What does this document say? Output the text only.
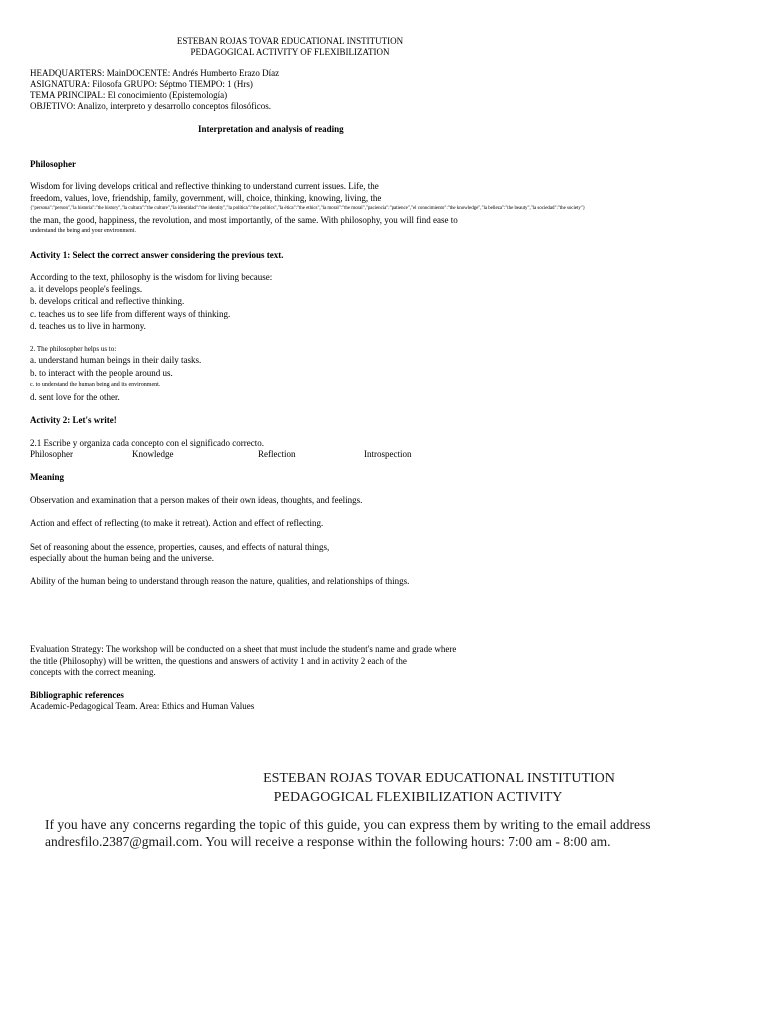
ESTEBAN ROJAS TOVAR EDUCATIONAL INSTITUTION
PEDAGOGICAL ACTIVITY OF FLEXIBILIZATION
HEADQUARTERS: MainDOCENTE: Andrés Humberto Erazo Díaz
ASIGNATURA: Filosofa GRUPO: Séptmo TIEMPO: 1 (Hrs)
TEMA PRINCIPAL: El conocimiento (Epistemología)
OBJETIVO: Analizo, interpreto y desarrollo conceptos filosóficos.
Interpretation and analysis of reading
Philosopher
Wisdom for living develops critical and reflective thinking to understand current issues. Life, the
freedom, values, love, friendship, family, government, will, choice, thinking, knowing, living, the
{"persona":"person","la historia":"the history","la cultura":"the culture","la identidad":"the identity","la política":"the politics","la ética":"the ethics","la moral":"the moral","paciencia":"patience","el conocimiento":"the knowledge","la belleza":"the beauty","la sociedad":"the society"}
the man, the good, happiness, the revolution, and most importantly, of the same. With philosophy, you will find ease to
understand the being and your environment.
Activity 1: Select the correct answer considering the previous text.
According to the text, philosophy is the wisdom for living because:
a. it develops people's feelings.
b. develops critical and reflective thinking.
c. teaches us to see life from different ways of thinking.
d. teaches us to live in harmony.
2. The philosopher helps us to:
a. understand human beings in their daily tasks.
b. to interact with the people around us.
c. to understand the human being and its environment.
d. sent love for the other.
Activity 2: Let's write!
2.1 Escribe y organiza cada concepto con el significado correcto.
Philosopher	Knowledge	Reflection	Introspection
Meaning
Observation and examination that a person makes of their own ideas, thoughts, and feelings.
Action and effect of reflecting (to make it retreat). Action and effect of reflecting.
Set of reasoning about the essence, properties, causes, and effects of natural things,
especially about the human being and the universe.
Ability of the human being to understand through reason the nature, qualities, and relationships of things.
Evaluation Strategy: The workshop will be conducted on a sheet that must include the student's name and grade where
the title (Philosophy) will be written, the questions and answers of activity 1 and in activity 2 each of the
concepts with the correct meaning.
Bibliographic references
Academic-Pedagogical Team. Area: Ethics and Human Values
ESTEBAN ROJAS TOVAR EDUCATIONAL INSTITUTION
PEDAGOGICAL FLEXIBILIZATION ACTIVITY
If you have any concerns regarding the topic of this guide, you can express them by writing to the email address
andresfilo.2387@gmail.com. You will receive a response within the following hours: 7:00 am - 8:00 am.
